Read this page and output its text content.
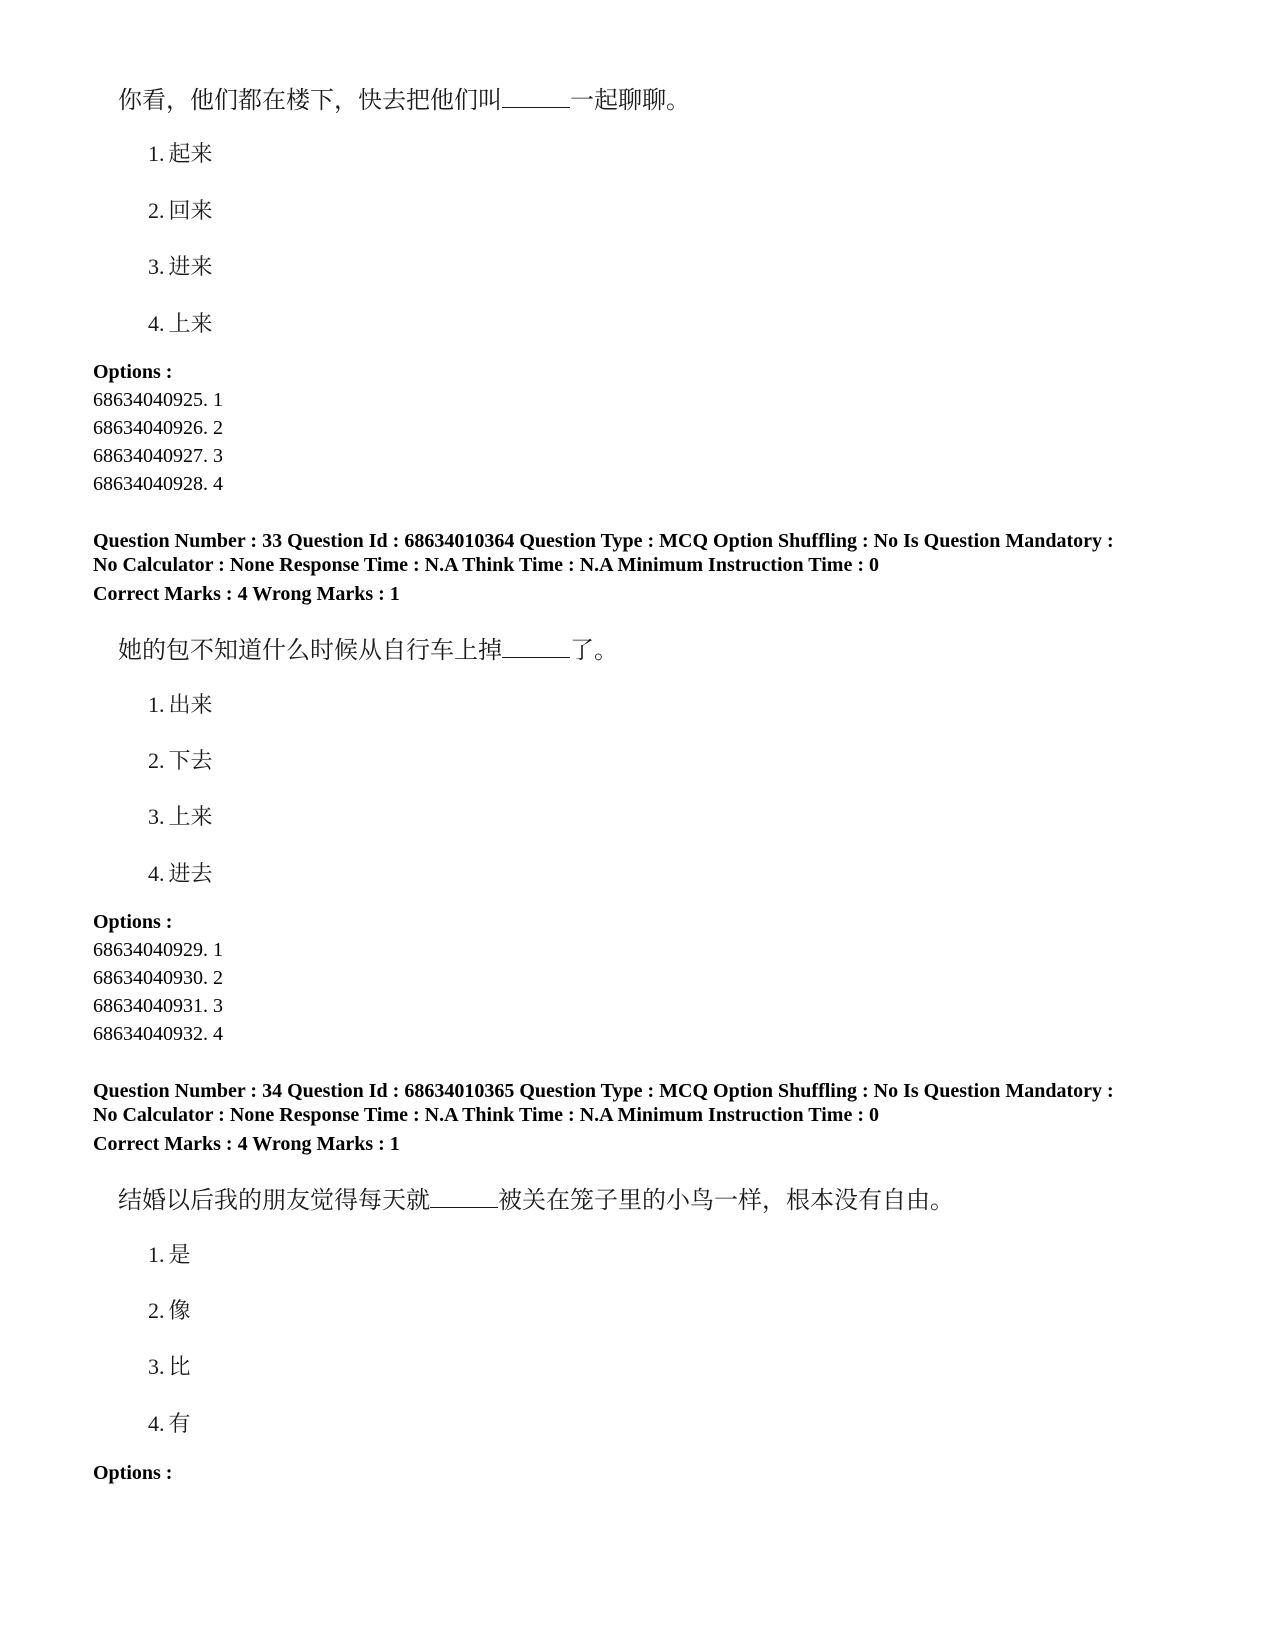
你看，他们都在楼下，快去把他们叫	一起聊聊。
1. 起来
2. 回来
3. 进来
4. 上来
Options :
68634040925. 1
68634040926. 2
68634040927. 3
68634040928. 4
Question Number : 33 Question Id : 68634010364 Question Type : MCQ Option Shuffling : No Is Question Mandatory :
No Calculator : None Response Time : N.A Think Time : N.A Minimum Instruction Time : 0
Correct Marks : 4 Wrong Marks : 1
她的包不知道什么时候从自行车上掉	了。
1. 出来
2. 下去
3. 上来
4. 进去
Options :
68634040929. 1
68634040930. 2
68634040931. 3
68634040932. 4
Question Number : 34 Question Id : 68634010365 Question Type : MCQ Option Shuffling : No Is Question Mandatory :
No Calculator : None Response Time : N.A Think Time : N.A Minimum Instruction Time : 0
Correct Marks : 4 Wrong Marks : 1
结婚以后我的朋友觉得每天就	被关在笼子里的小鸟一样，根本没有自由。
1. 是
2. 像
3. 比
4. 有
Options :
